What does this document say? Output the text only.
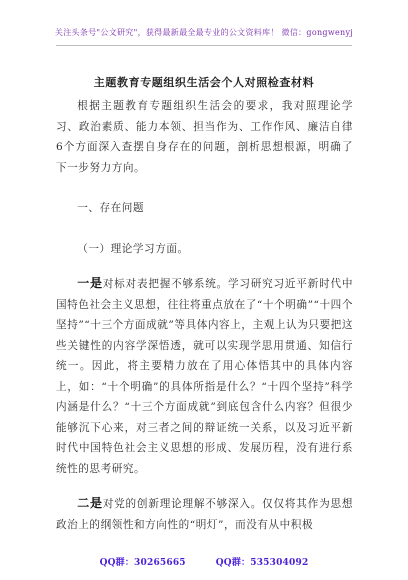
关注头条号"公文研究"，获得最新最全最专业的公文资料库！ 微信：gongwenyj
主题教育专题组织生活会个人对照检查材料

根据主题教育专题组织生活会的要求，我对照理论学习、政治素质、能力本领、担当作为、工作作风、廉洁自律6个方面深入查摆自身存在的问题，剖析思想根源，明确了下一步努力方向。

一、存在问题

（一）理论学习方面。

一是对标对表把握不够系统。学习研究习近平新时代中国特色社会主义思想，往往将重点放在了“十个明确”“十四个坚持”“十三个方面成就”等具体内容上，主观上认为只要把这些关键性的内容学深悟透，就可以实现学思用贯通、知信行统一。因此，将主要精力放在了用心体悟其中的具体内容上，如：“十个明确”的具体所指是什么？“十四个坚持”科学内涵是什么？“十三个方面成就”到底包含什么内容？但很少能够沉下心来，对三者之间的辩证统一关系，以及习近平新时代中国特色社会主义思想的形成、发展历程，没有进行系统性的思考研究。

二是对党的创新理论理解不够深入。仅仅将其作为思想政治上的纲领性和方向性的“明灯”，而没有从中积极

QQ群：30265665	QQ群：535304092
